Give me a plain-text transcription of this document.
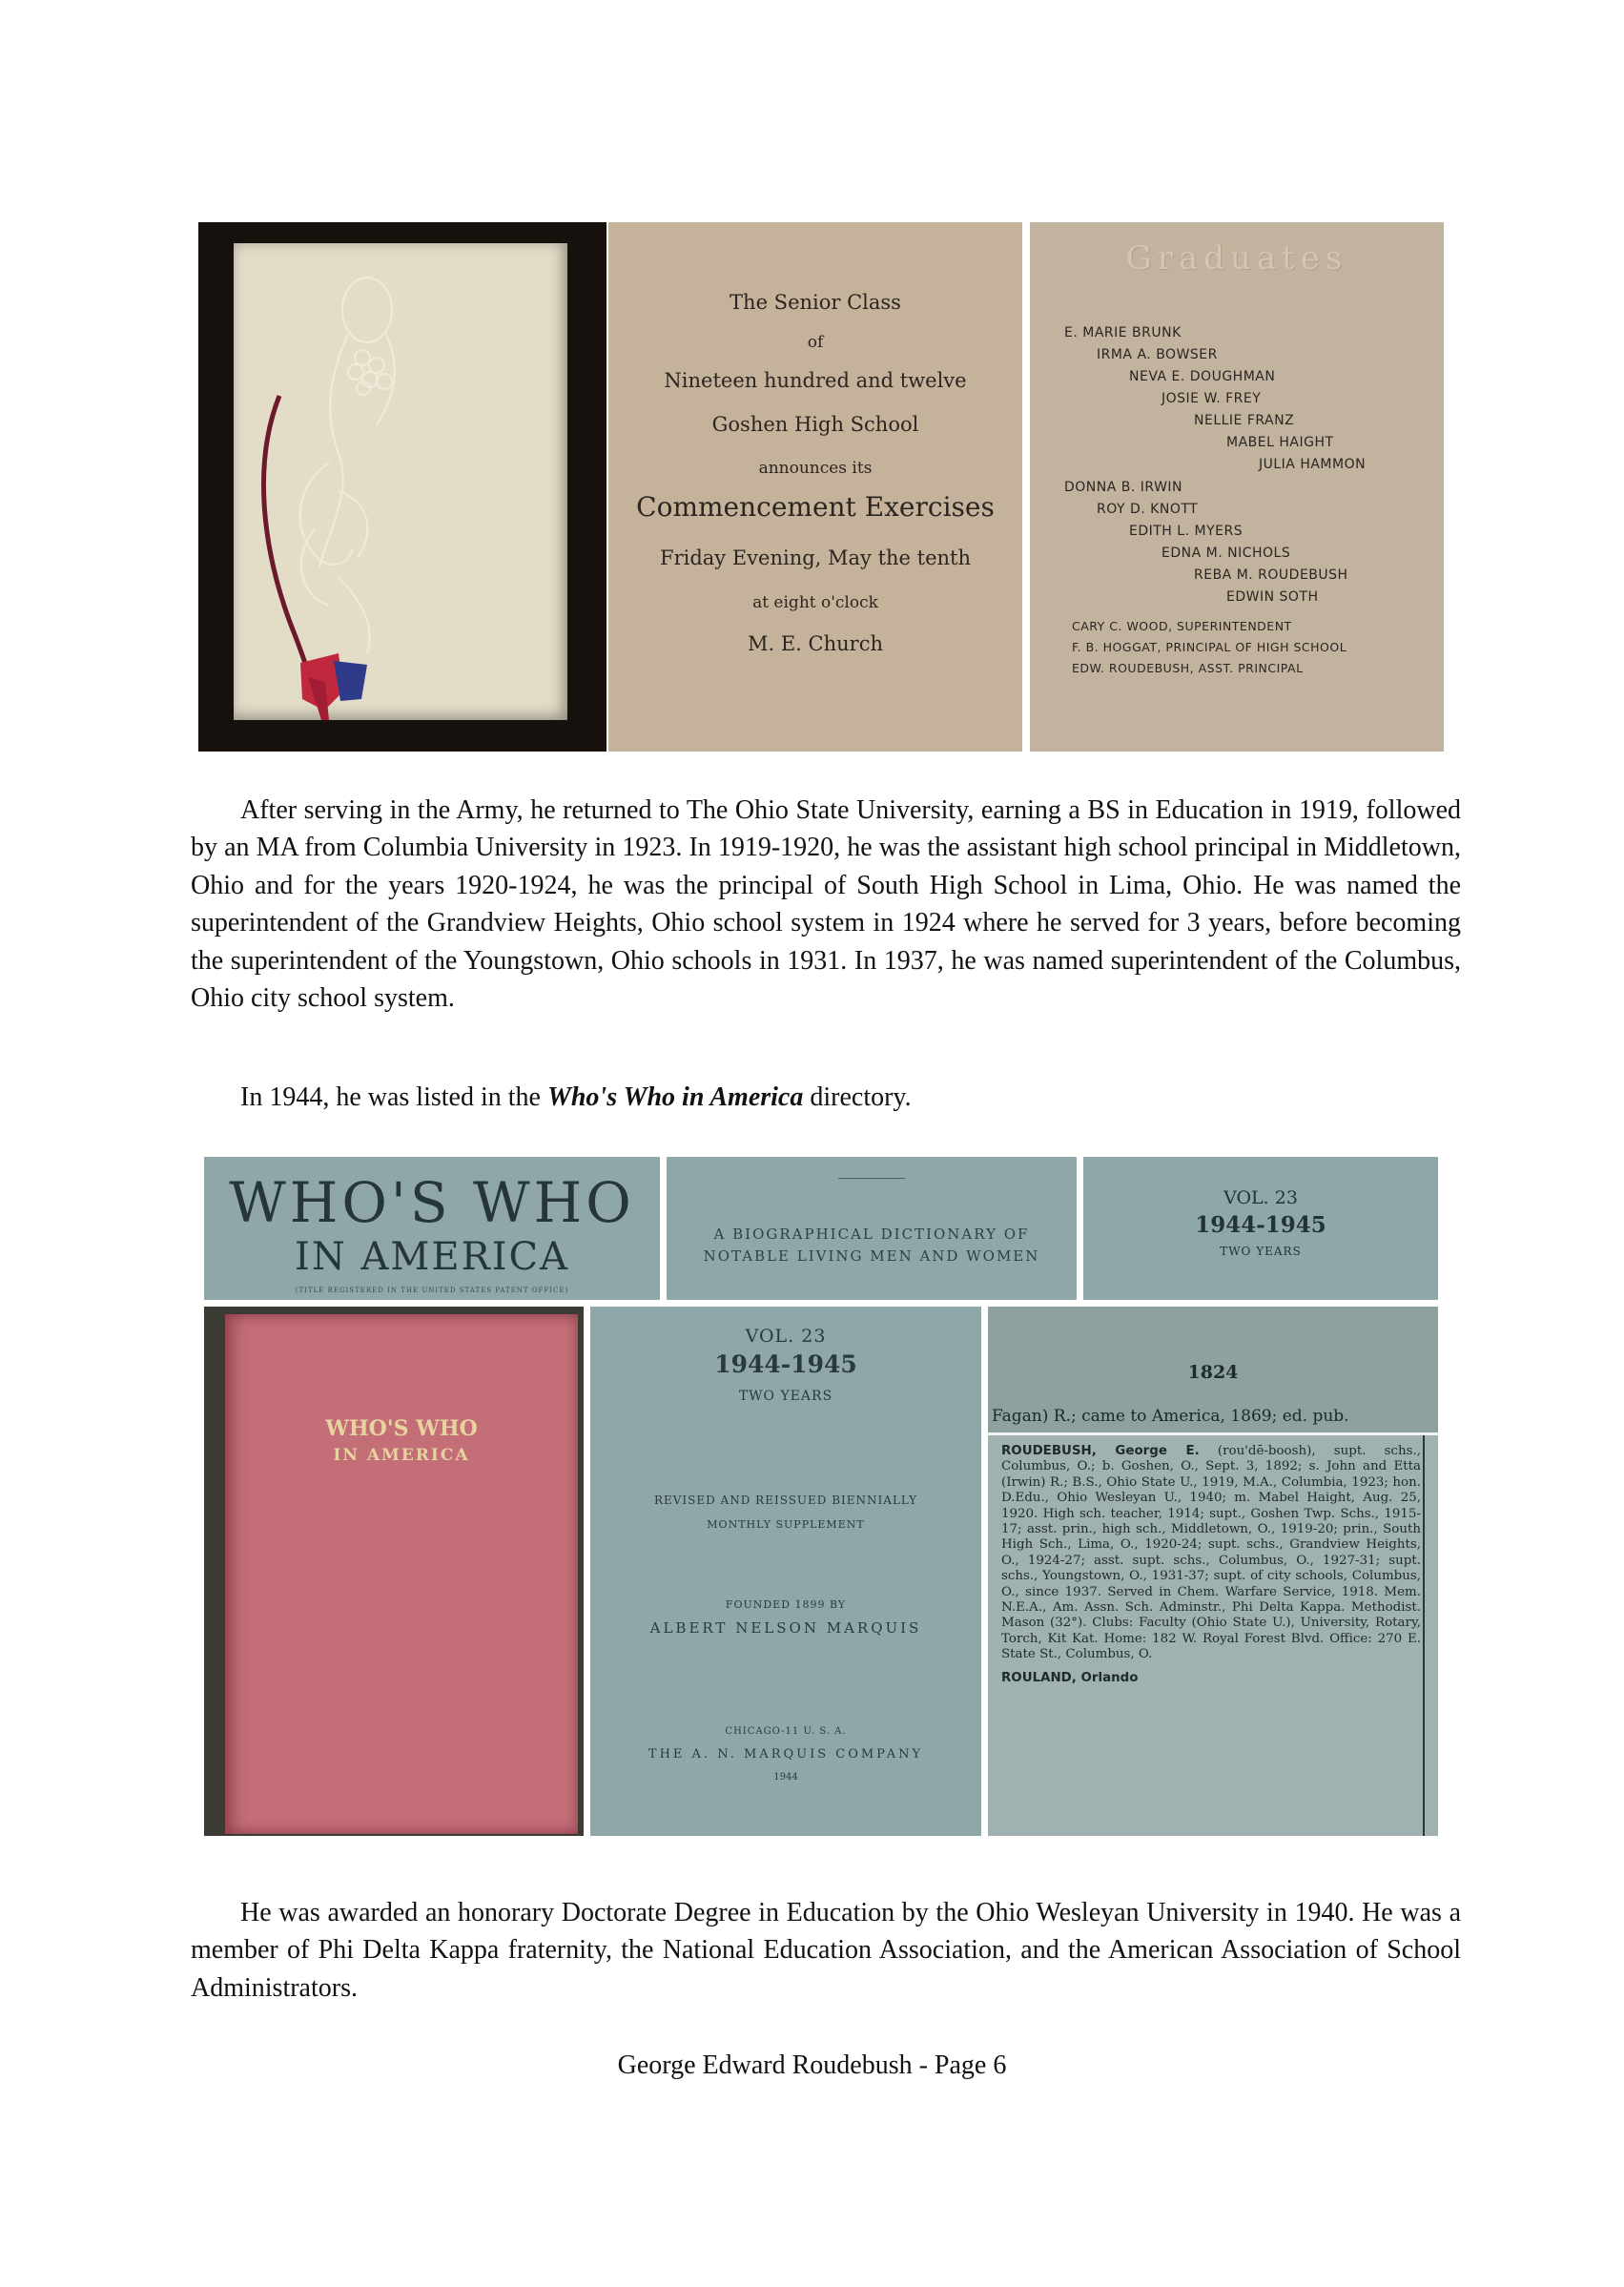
The Senior Class
of
Nineteen hundred and twelve
Goshen High School
announces its
Commencement Exercises
Friday Evening, May the tenth
at eight o'clock
M. E. Church
Graduates
E. MARIE BRUNK
IRMA A. BOWSER
NEVA E. DOUGHMAN
JOSIE W. FREY
NELLIE FRANZ
MABEL HAIGHT
JULIA HAMMON
DONNA B. IRWIN
ROY D. KNOTT
EDITH L. MYERS
EDNA M. NICHOLS
REBA M. ROUDEBUSH
EDWIN SOTH
CARY C. WOOD, SUPERINTENDENT
F. B. HOGGAT, PRINCIPAL OF HIGH SCHOOL
EDW. ROUDEBUSH, ASST. PRINCIPAL

After serving in the Army, he returned to The Ohio State University, earning a BS in Education in 1919, followed by an MA from Columbia University in 1923. In 1919-1920, he was the assistant high school principal in Middletown, Ohio and for the years 1920-1924, he was the principal of South High School in Lima, Ohio. He was named the superintendent of the Grandview Heights, Ohio school system in 1924 where he served for 3 years, before becoming the superintendent of the Youngstown, Ohio schools in 1931. In 1937, he was named superintendent of the Columbus, Ohio city school system.

In 1944, he was listed in the Who's Who in America directory.

WHO'S WHO
IN AMERICA
(TITLE REGISTERED IN THE UNITED STATES PATENT OFFICE)
A BIOGRAPHICAL DICTIONARY OF
NOTABLE LIVING MEN AND WOMEN
VOL. 23
1944-1945
TWO YEARS
WHO'S WHO
IN AMERICA
VOL. 23
1944-1945
TWO YEARS
REVISED AND REISSUED BIENNIALLY
MONTHLY SUPPLEMENT
FOUNDED 1899 BY
ALBERT NELSON MARQUIS
CHICAGO-11 U. S. A.
THE A. N. MARQUIS COMPANY
1944
1824
Fagan) R.; came to America, 1869; ed. pub.
ROUDEBUSH, George E. (rou'dē-boosh), supt. schs., Columbus, O.; b. Goshen, O., Sept. 3, 1892; s. John and Etta (Irwin) R.; B.S., Ohio State U., 1919, M.A., Columbia, 1923; hon. D.Edu., Ohio Wesleyan U., 1940; m. Mabel Haight, Aug. 25, 1920. High sch. teacher, 1914; supt., Goshen Twp. Schs., 1915-17; asst. prin., high sch., Middletown, O., 1919-20; prin., South High Sch., Lima, O., 1920-24; supt. schs., Grandview Heights, O., 1924-27; asst. supt. schs., Columbus, O., 1927-31; supt. schs., Youngstown, O., 1931-37; supt. of city schools, Columbus, O., since 1937. Served in Chem. Warfare Service, 1918. Mem. N.E.A., Am. Assn. Sch. Adminstr., Phi Delta Kappa. Methodist. Mason (32°). Clubs: Faculty (Ohio State U.), University, Rotary, Torch, Kit Kat. Home: 182 W. Royal Forest Blvd. Office: 270 E. State St., Columbus, O.

ROULAND, Orlando

He was awarded an honorary Doctorate Degree in Education by the Ohio Wesleyan University in 1940. He was a member of Phi Delta Kappa fraternity, the National Education Association, and the American Association of School Administrators.

George Edward Roudebush - Page 6
